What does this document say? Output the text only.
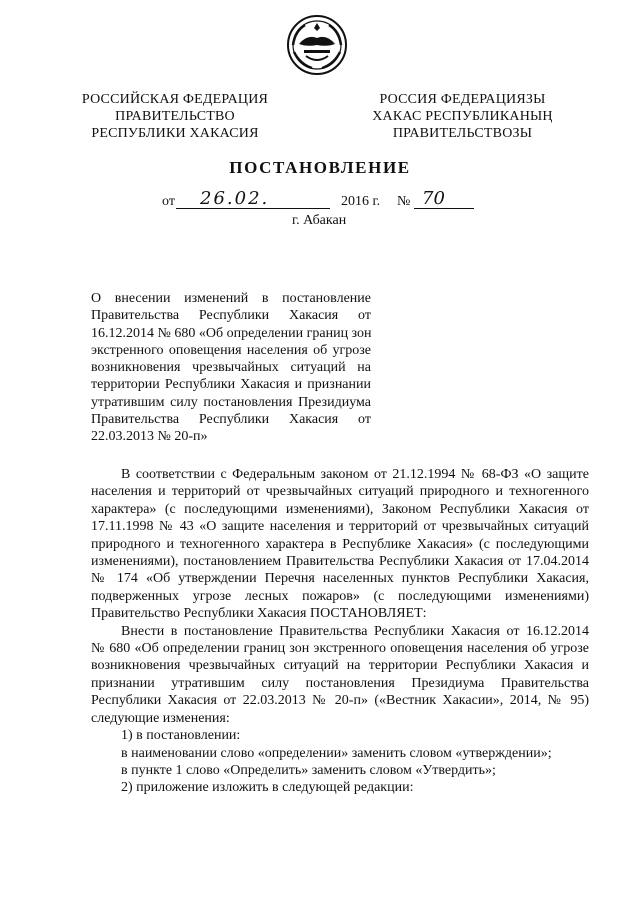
РОССИЙСКАЯ ФЕДЕРАЦИЯ
ПРАВИТЕЛЬСТВО
РЕСПУБЛИКИ ХАКАСИЯ
РОССИЯ ФЕДЕРАЦИЯЗЫ
ХАКАС РЕСПУБЛИКАНЫҢ
ПРАВИТЕЛЬСТВОЗЫ
ПОСТАНОВЛЕНИЕ
от 26.02.	2016 г. № 70
г. Абакан
О внесении изменений в постановление
Правительства Республики Хакасия от
16.12.2014 № 680 «Об определении границ зон
экстренного оповещения населения об угрозе
возникновения чрезвычайных ситуаций на
территории Республики Хакасия и признании
утратившим силу постановления Президиума
Правительства Республики Хакасия от
22.03.2013 № 20-п»
В соответствии с Федеральным законом от 21.12.1994 № 68-ФЗ «О защите
населения и территорий от чрезвычайных ситуаций природного и техногенного
характера» (с последующими изменениями), Законом Республики Хакасия от
17.11.1998 № 43 «О защите населения и территорий от чрезвычайных ситуаций
природного и техногенного характера в Республике Хакасия» (с последующими
изменениями), постановлением Правительства Республики Хакасия от 17.04.2014
№ 174 «Об утверждении Перечня населенных пунктов Республики Хакасия,
подверженных угрозе лесных пожаров» (с последующими изменениями)
Правительство Республики Хакасия ПОСТАНОВЛЯЕТ:
Внести в постановление Правительства Республики Хакасия от 16.12.2014
№ 680 «Об определении границ зон экстренного оповещения населения об угрозе
возникновения чрезвычайных ситуаций на территории Республики Хакасия и
признании утратившим силу постановления Президиума Правительства
Республики Хакасия от 22.03.2013 № 20-п» («Вестник Хакасии», 2014, № 95)
следующие изменения:
1) в постановлении:
в наименовании слово «определении» заменить словом «утверждении»;
в пункте 1 слово «Определить» заменить словом «Утвердить»;
2) приложение изложить в следующей редакции:
